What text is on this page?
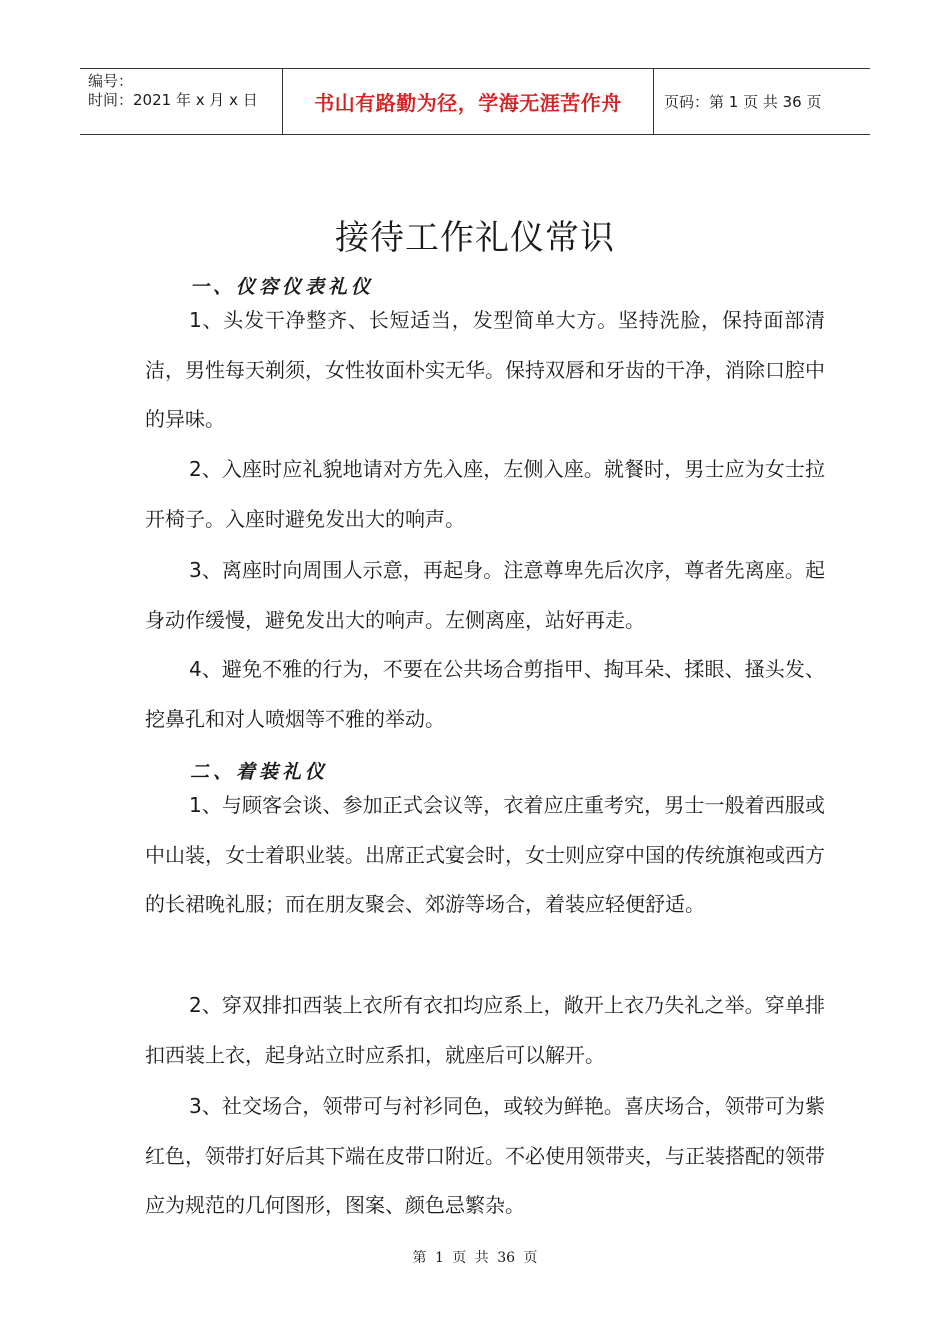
编号：
时间：2021 年 x 月 x 日	书山有路勤为径，学海无涯苦作舟	页码：第 1 页 共 36 页
接待工作礼仪常识
一、仪容仪表礼仪

1、头发干净整齐、长短适当，发型简单大方。坚持洗脸，保持面部清洁，男性每天剃须，女性妆面朴实无华。保持双唇和牙齿的干净，消除口腔中的异味。

2、入座时应礼貌地请对方先入座，左侧入座。就餐时，男士应为女士拉开椅子。入座时避免发出大的响声。

3、离座时向周围人示意，再起身。注意尊卑先后次序，尊者先离座。起身动作缓慢，避免发出大的响声。左侧离座，站好再走。

4、避免不雅的行为，不要在公共场合剪指甲、掏耳朵、揉眼、搔头发、挖鼻孔和对人喷烟等不雅的举动。

二、着装礼仪

1、与顾客会谈、参加正式会议等，衣着应庄重考究，男士一般着西服或中山装，女士着职业装。出席正式宴会时，女士则应穿中国的传统旗袍或西方的长裙晚礼服；而在朋友聚会、郊游等场合，着装应轻便舒适。

2、穿双排扣西装上衣所有衣扣均应系上，敞开上衣乃失礼之举。穿单排扣西装上衣，起身站立时应系扣，就座后可以解开。

3、社交场合，领带可与衬衫同色，或较为鲜艳。喜庆场合，领带可为紫红色，领带打好后其下端在皮带口附近。不必使用领带夹，与正装搭配的领带应为规范的几何图形，图案、颜色忌繁杂。

第 1 页 共 36 页
